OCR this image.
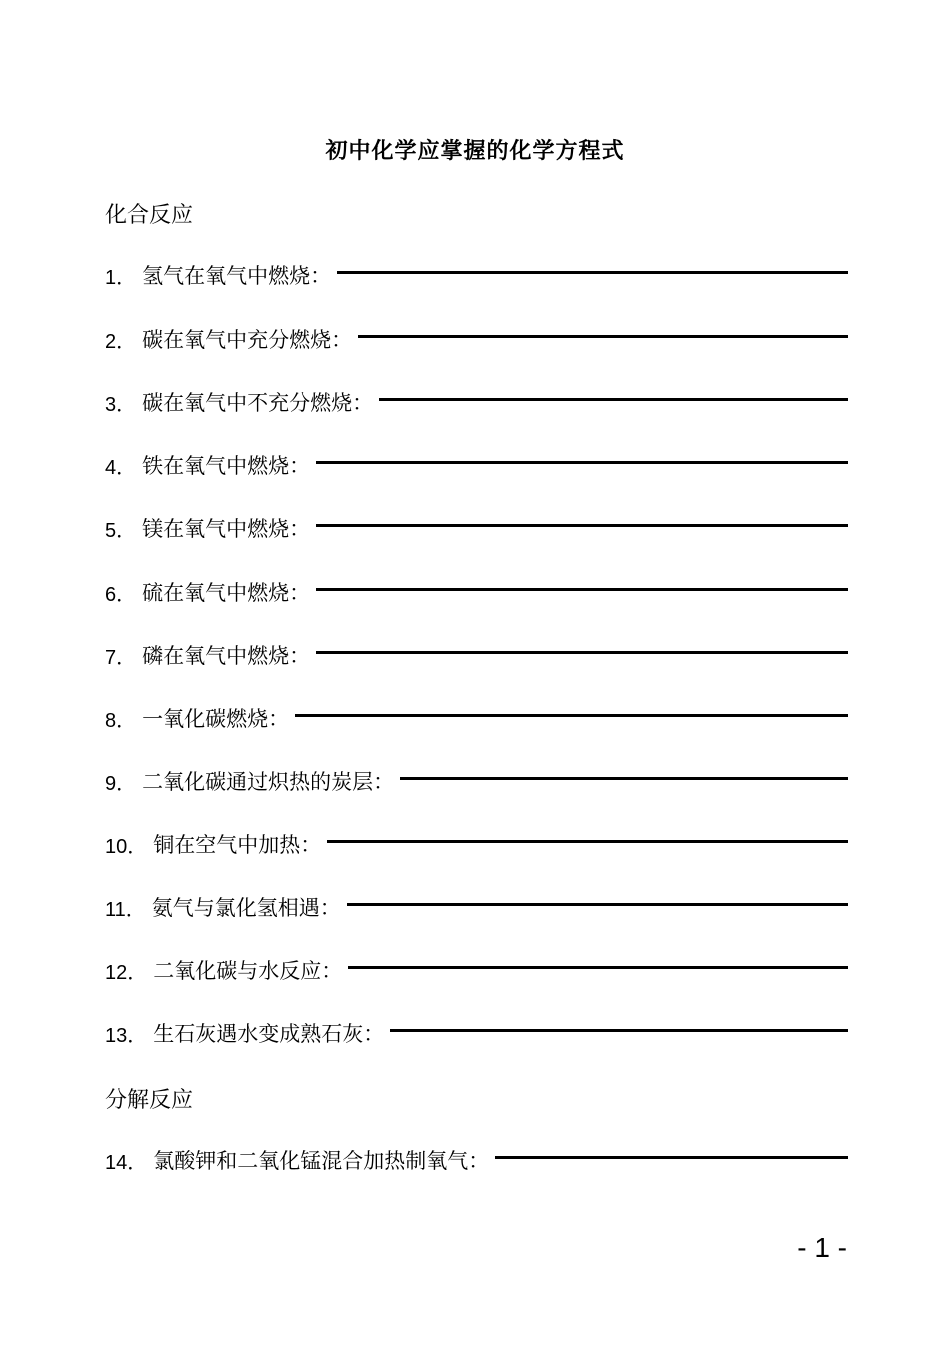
初中化学应掌握的化学方程式
化合反应
1． 氢气在氧气中燃烧：
2． 碳在氧气中充分燃烧：
3． 碳在氧气中不充分燃烧：
4． 铁在氧气中燃烧：
5． 镁在氧气中燃烧：
6． 硫在氧气中燃烧：
7． 磷在氧气中燃烧：
8． 一氧化碳燃烧：
9． 二氧化碳通过炽热的炭层：
10． 铜在空气中加热：
11． 氨气与氯化氢相遇：
12． 二氧化碳与水反应：
13． 生石灰遇水变成熟石灰：
分解反应
14． 氯酸钾和二氧化锰混合加热制氧气：
- 1 -
